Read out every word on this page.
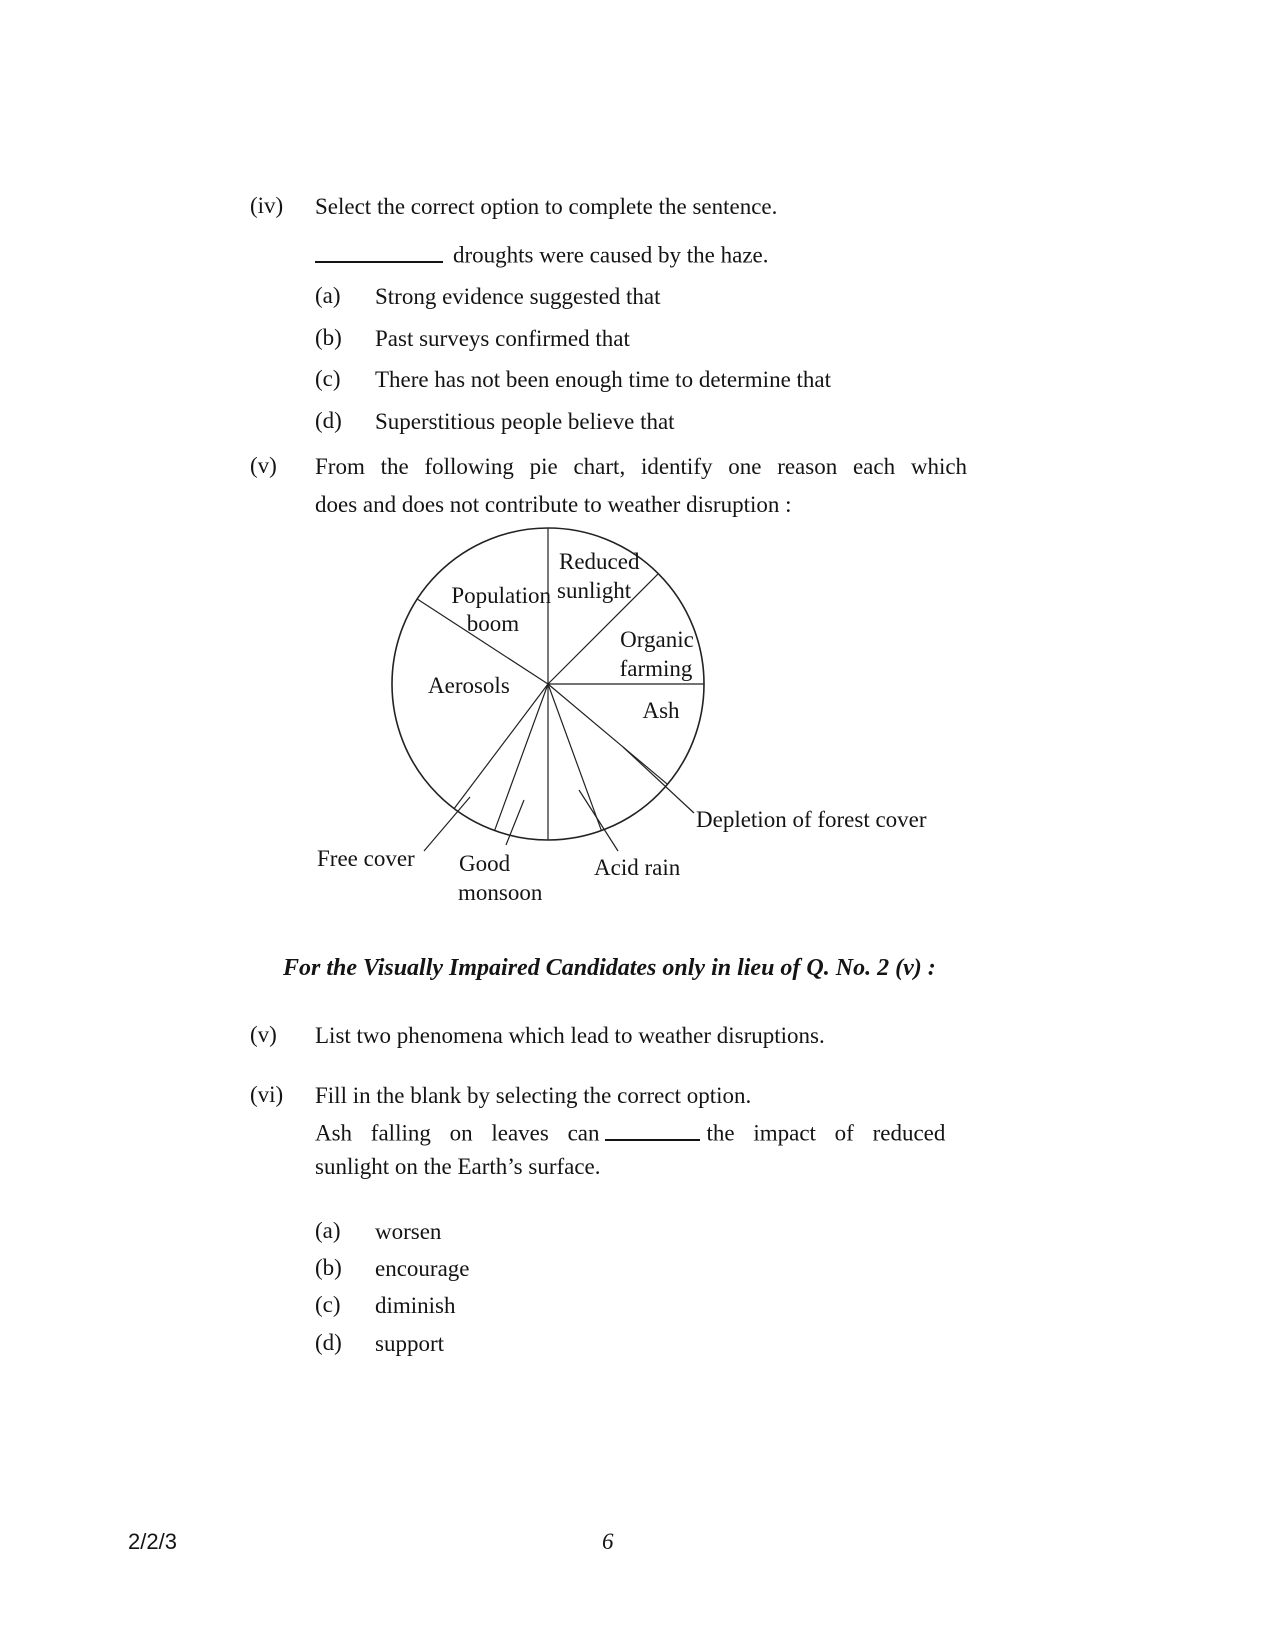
(iv) Select the correct option to complete the sentence.
droughts were caused by the haze.
(a) Strong evidence suggested that
(b) Past surveys confirmed that
(c) There has not been enough time to determine that
(d) Superstitious people believe that
(v) From the following pie chart, identify one reason each which
does and does not contribute to weather disruption :
Reduced
sunlight
Population
boom
Organic
farming
Ash
Aerosols
Depletion of forest cover
Acid rain
Good
monsoon
Free cover
For the Visually Impaired Candidates only in lieu of Q. No. 2 (v) :
(v) List two phenomena which lead to weather disruptions.
(vi) Fill in the blank by selecting the correct option.
Ash falling on leaves can	the impact of reduced
sunlight on the Earth’s surface.
(a) worsen
(b) encourage
(c) diminish
(d) support
2/2/3	6
